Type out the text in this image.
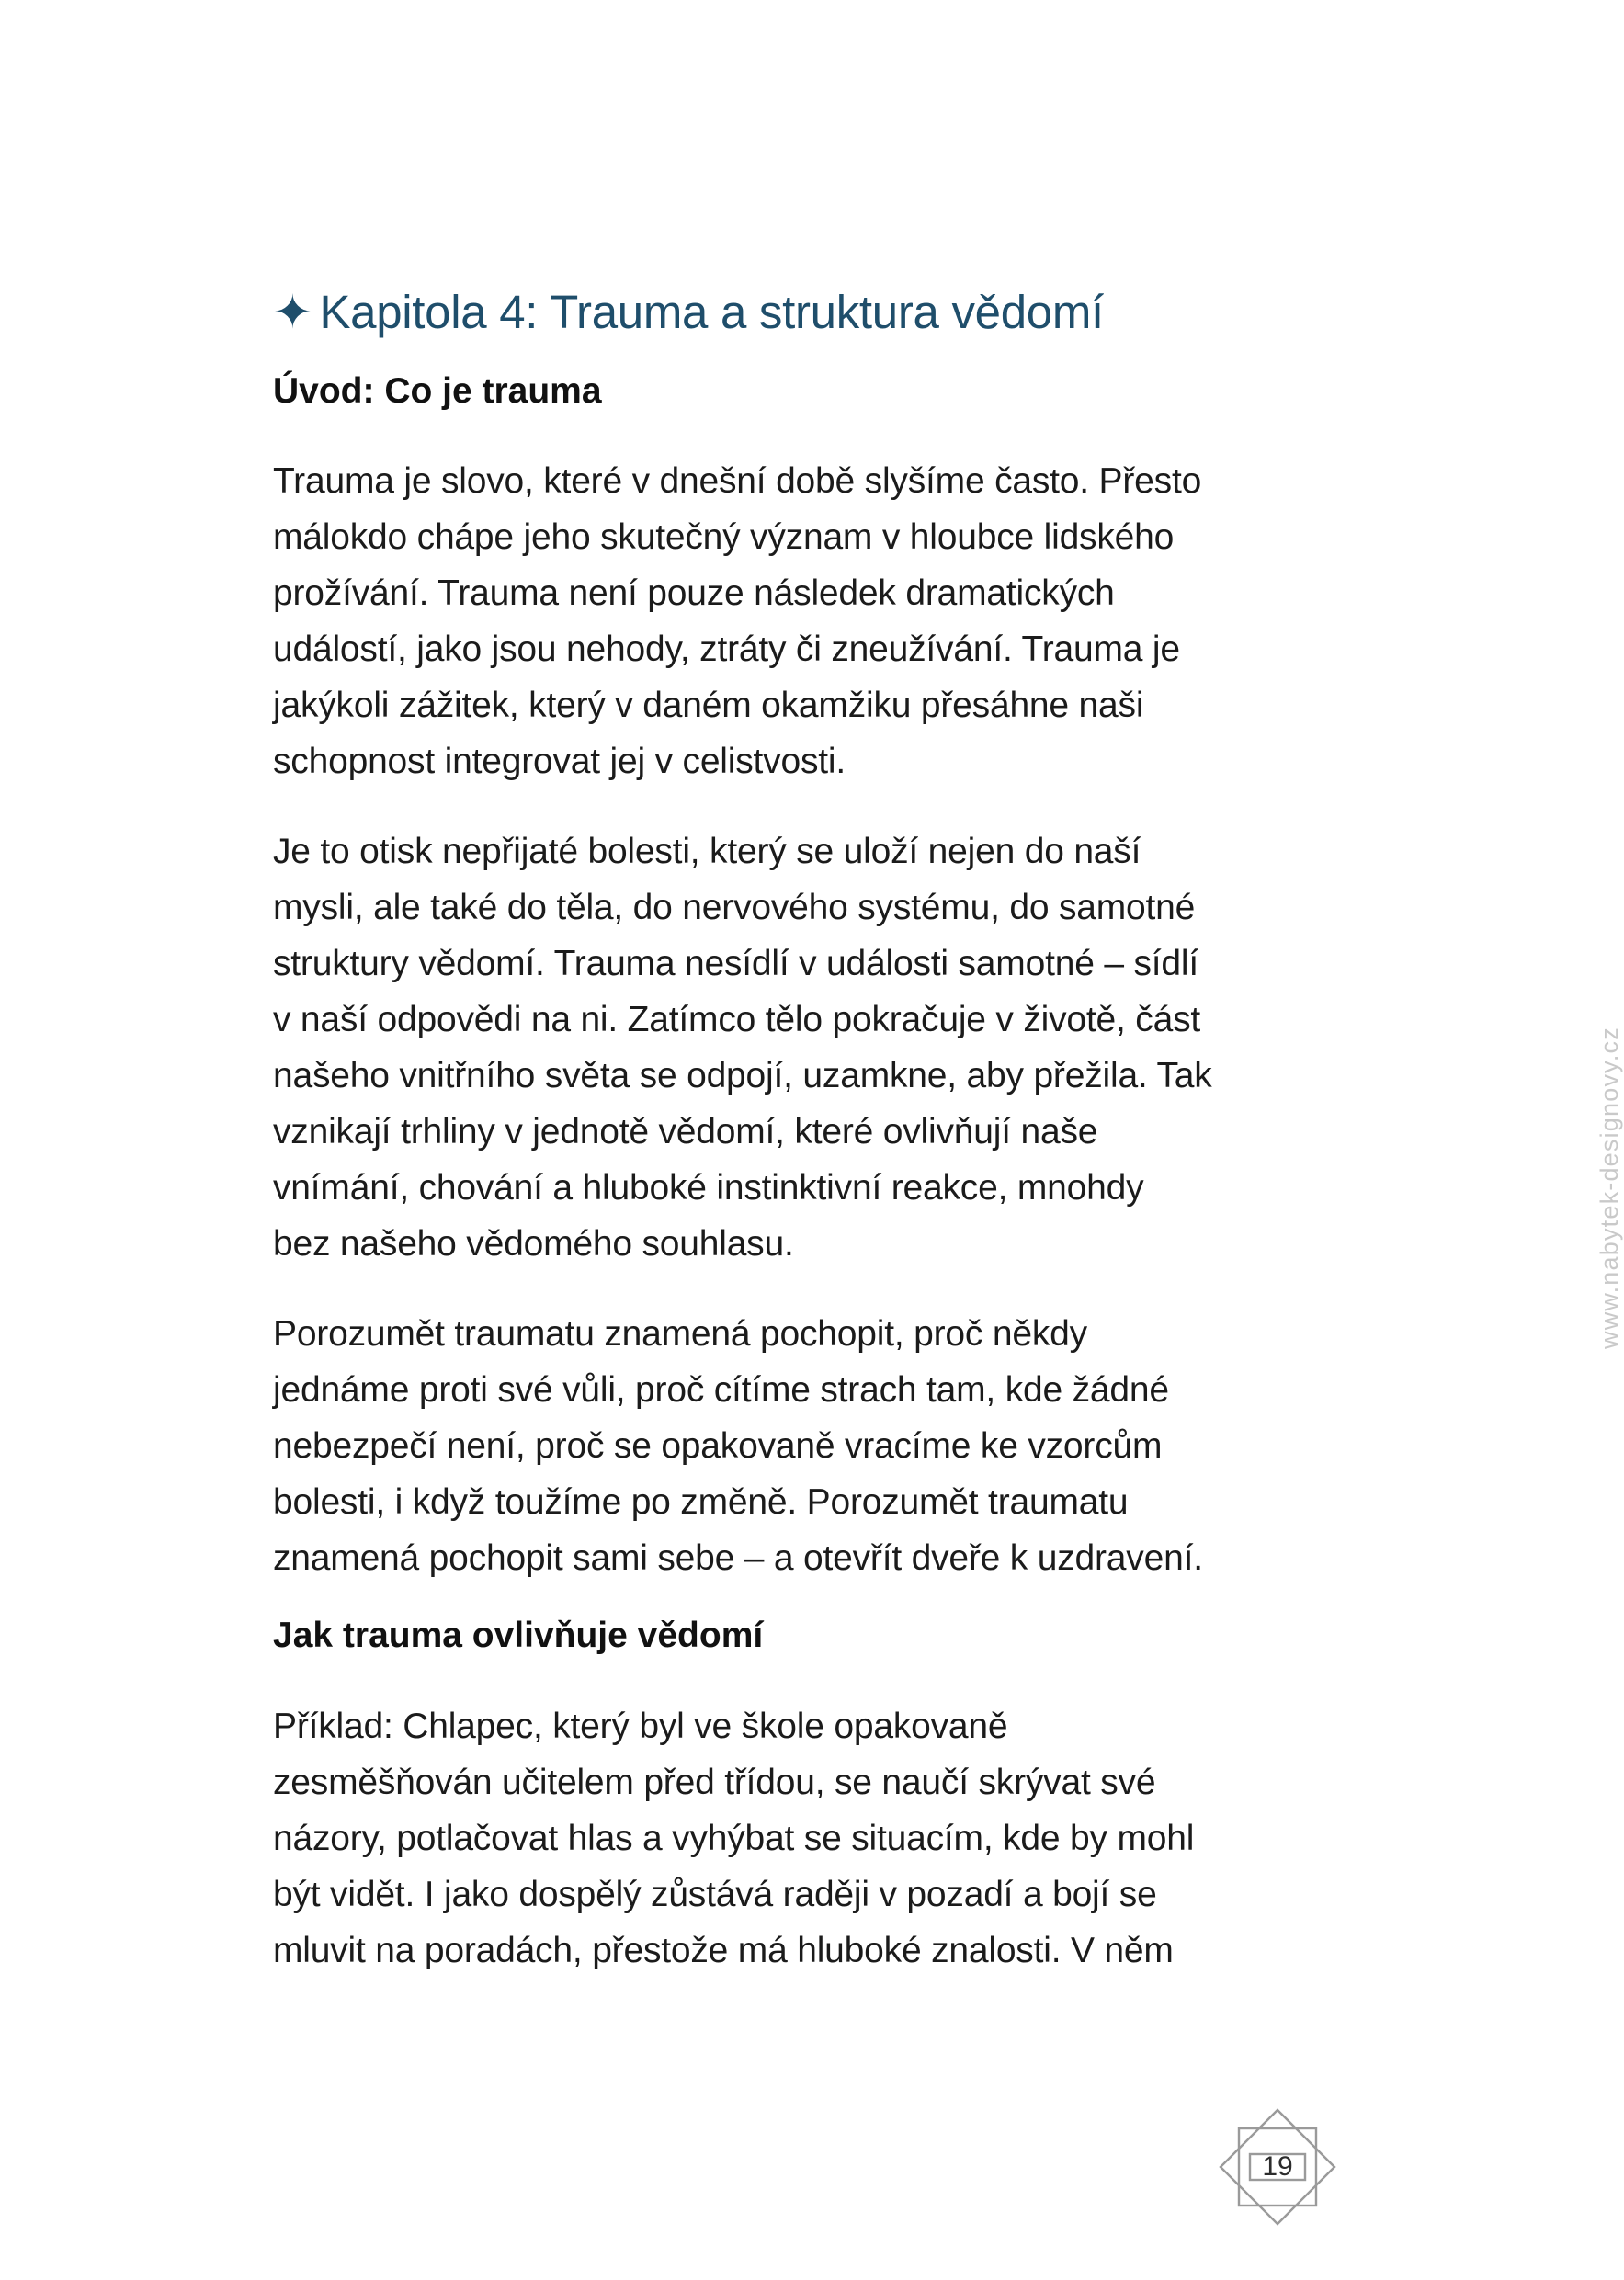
✦ Kapitola 4: Trauma a struktura vědomí
Úvod: Co je trauma

Trauma je slovo, které v dnešní době slyšíme často. Přesto
málokdo chápe jeho skutečný význam v hloubce lidského
prožívání. Trauma není pouze následek dramatických
událostí, jako jsou nehody, ztráty či zneužívání. Trauma je
jakýkoli zážitek, který v daném okamžiku přesáhne naši
schopnost integrovat jej v celistvosti.

Je to otisk nepřijaté bolesti, který se uloží nejen do naší
mysli, ale také do těla, do nervového systému, do samotné
struktury vědomí. Trauma nesídlí v události samotné – sídlí
v naší odpovědi na ni. Zatímco tělo pokračuje v životě, část
našeho vnitřního světa se odpojí, uzamkne, aby přežila. Tak
vznikají trhliny v jednotě vědomí, které ovlivňují naše
vnímání, chování a hluboké instinktivní reakce, mnohdy
bez našeho vědomého souhlasu.

Porozumět traumatu znamená pochopit, proč někdy
jednáme proti své vůli, proč cítíme strach tam, kde žádné
nebezpečí není, proč se opakovaně vracíme ke vzorcům
bolesti, i když toužíme po změně. Porozumět traumatu
znamená pochopit sami sebe – a otevřít dveře k uzdravení.

Jak trauma ovlivňuje vědomí

Příklad: Chlapec, který byl ve škole opakovaně
zesměšňován učitelem před třídou, se naučí skrývat své
názory, potlačovat hlas a vyhýbat se situacím, kde by mohl
být vidět. I jako dospělý zůstává raději v pozadí a bojí se
mluvit na poradách, přestože má hluboké znalosti. V něm

www.nabytek-designovy.cz
19
